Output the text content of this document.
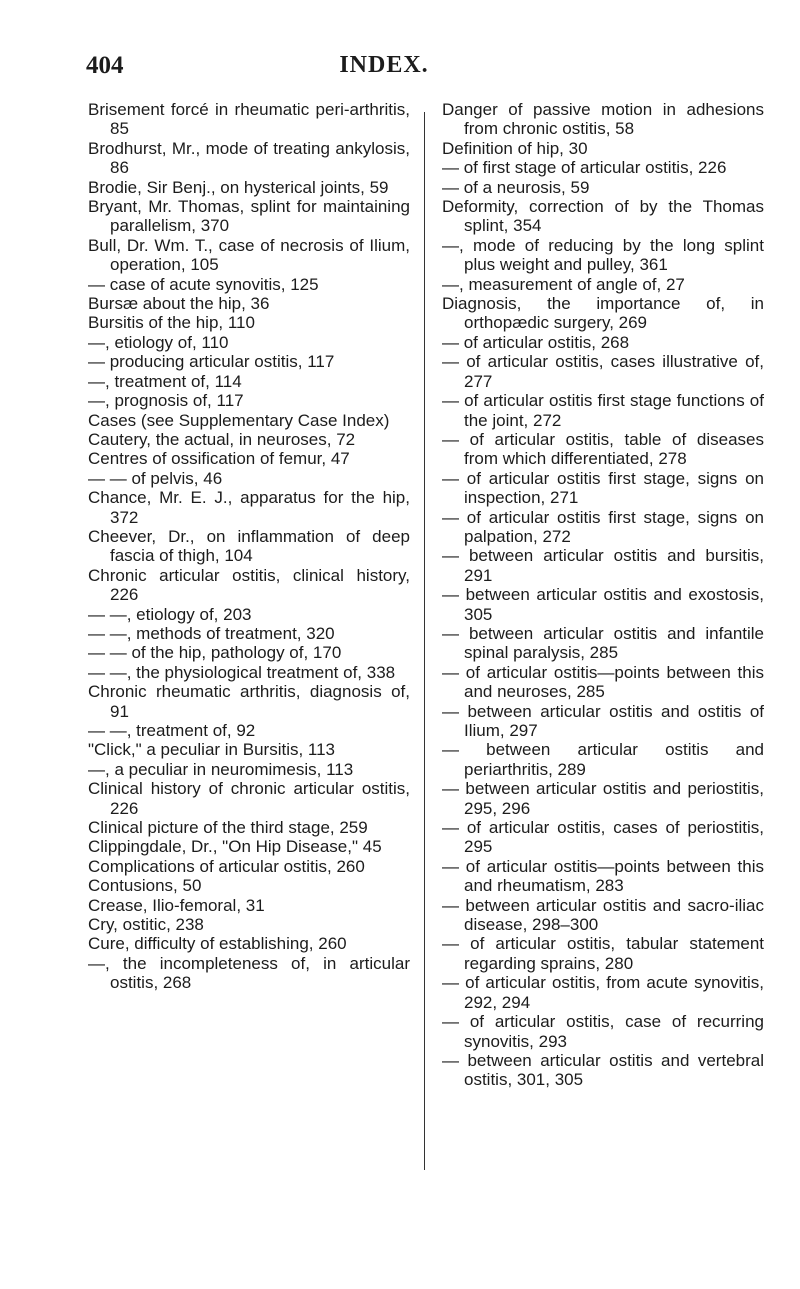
404	INDEX.
Brisement forcé in rheumatic peri-arthritis, 85
Brodhurst, Mr., mode of treating ankylosis, 86
Brodie, Sir Benj., on hysterical joints, 59
Bryant, Mr. Thomas, splint for maintaining parallelism, 370
Bull, Dr. Wm. T., case of necrosis of Ilium, operation, 105
— case of acute synovitis, 125
Bursæ about the hip, 36
Bursitis of the hip, 110
—, etiology of, 110
— producing articular ostitis, 117
—, treatment of, 114
—, prognosis of, 117
Cases (see Supplementary Case Index)
Cautery, the actual, in neuroses, 72
Centres of ossification of femur, 47
— — of pelvis, 46
Chance, Mr. E. J., apparatus for the hip, 372
Cheever, Dr., on inflammation of deep fascia of thigh, 104
Chronic articular ostitis, clinical history, 226
— —, etiology of, 203
— —, methods of treatment, 320
— — of the hip, pathology of, 170
— —, the physiological treatment of, 338
Chronic rheumatic arthritis, diagnosis of, 91
— —, treatment of, 92
"Click," a peculiar in Bursitis, 113
—, a peculiar in neuromimesis, 113
Clinical history of chronic articular ostitis, 226
Clinical picture of the third stage, 259
Clippingdale, Dr., "On Hip Disease," 45
Complications of articular ostitis, 260
Contusions, 50
Crease, Ilio-femoral, 31
Cry, ostitic, 238
Cure, difficulty of establishing, 260
—, the incompleteness of, in articular ostitis, 268
Danger of passive motion in adhesions from chronic ostitis, 58
Definition of hip, 30
— of first stage of articular ostitis, 226
— of a neurosis, 59
Deformity, correction of by the Thomas splint, 354
—, mode of reducing by the long splint plus weight and pulley, 361
—, measurement of angle of, 27
Diagnosis, the importance of, in orthopædic surgery, 269
— of articular ostitis, 268
— of articular ostitis, cases illustrative of, 277
— of articular ostitis first stage functions of the joint, 272
— of articular ostitis, table of diseases from which differentiated, 278
— of articular ostitis first stage, signs on inspection, 271
— of articular ostitis first stage, signs on palpation, 272
— between articular ostitis and bursitis, 291
— between articular ostitis and exostosis, 305
— between articular ostitis and infantile spinal paralysis, 285
— of articular ostitis—points between this and neuroses, 285
— between articular ostitis and ostitis of Ilium, 297
— between articular ostitis and periarthritis, 289
— between articular ostitis and periostitis, 295, 296
— of articular ostitis, cases of periostitis, 295
— of articular ostitis—points between this and rheumatism, 283
— between articular ostitis and sacro-iliac disease, 298–300
— of articular ostitis, tabular statement regarding sprains, 280
— of articular ostitis, from acute synovitis, 292, 294
— of articular ostitis, case of recurring synovitis, 293
— between articular ostitis and vertebral ostitis, 301, 305
